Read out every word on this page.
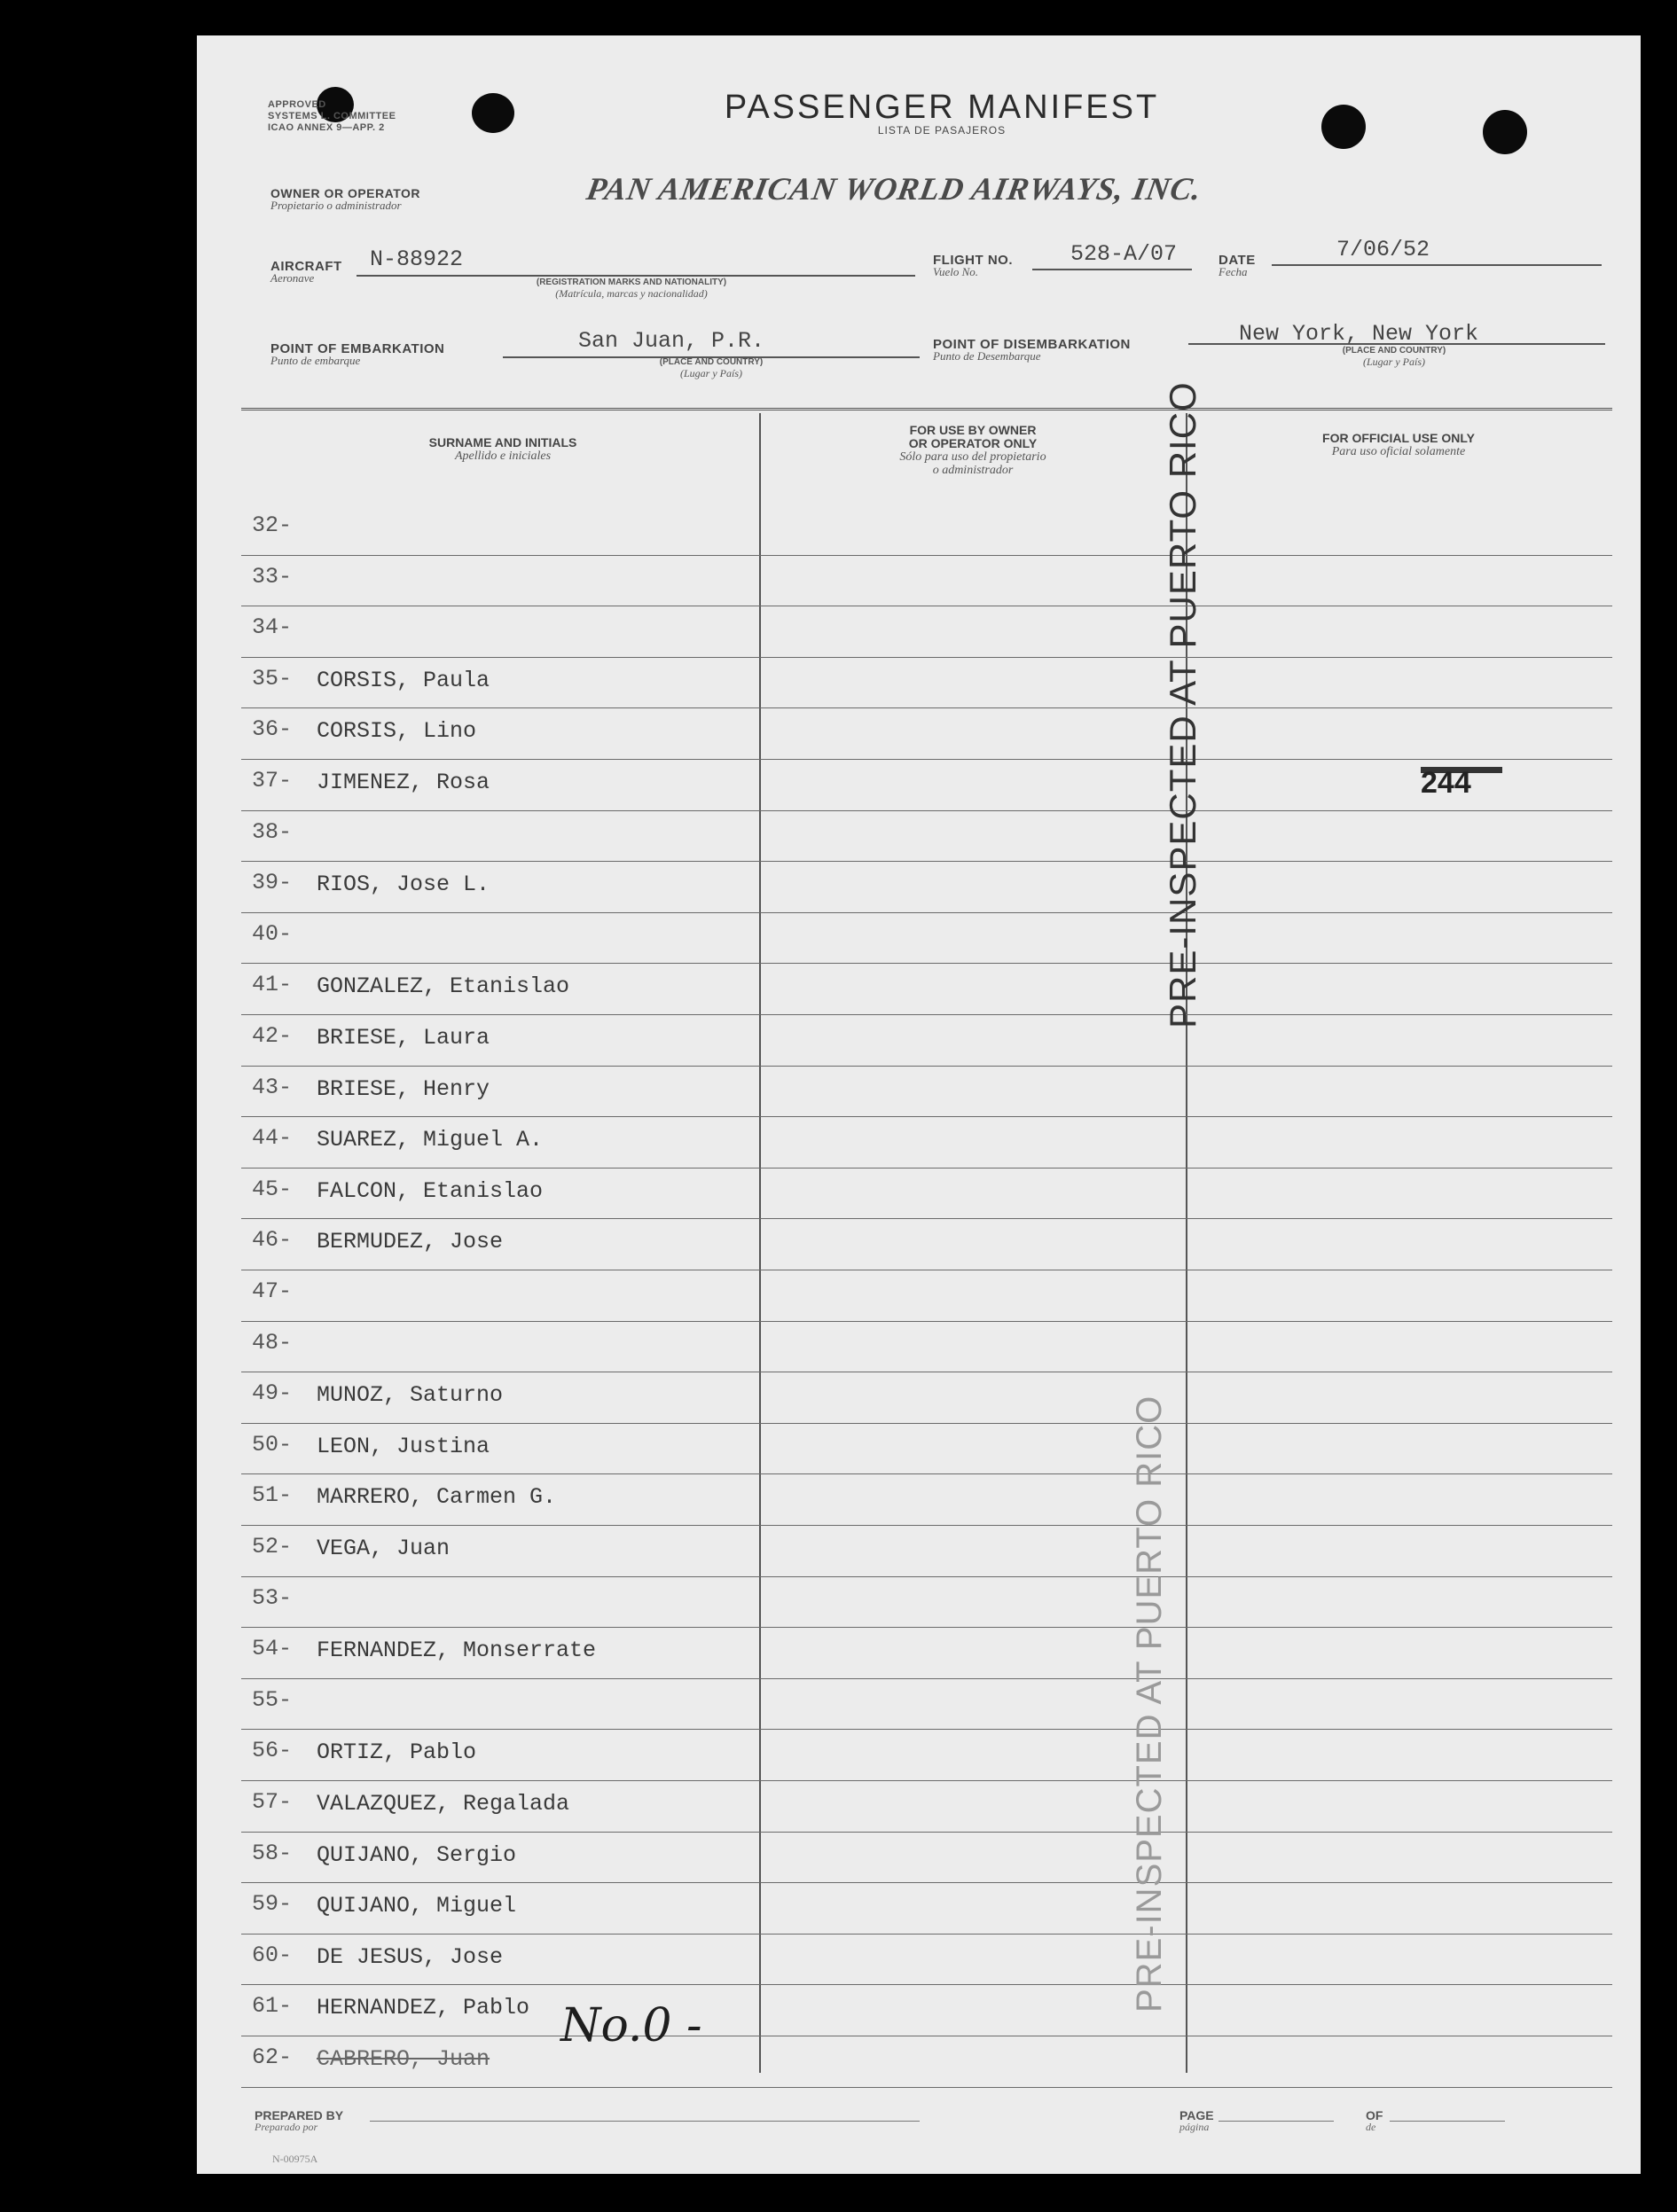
APPROVED
SYSTEMS L. COMMITTEE
ICAO ANNEX 9—APP. 2
PASSENGER MANIFEST
LISTA DE PASAJEROS
OWNER OR OPERATOR
Propietario o administrador	PAN AMERICAN WORLD AIRWAYS, INC.
AIRCRAFT
Aeronave
N-88922
(REGISTRATION MARKS AND NATIONALITY)
(Matrícula, marcas y nacionalidad)
FLIGHT NO.
Vuelo No.
528-A/07	DATE
Fecha
7/06/52
POINT OF EMBARKATION
Punto de embarque
San Juan, P.R.
(PLACE AND COUNTRY)
(Lugar y País)
POINT OF DISEMBARKATION
Punto de Desembarque
New York, New York
(PLACE AND COUNTRY)
(Lugar y País)
SURNAME AND INITIALS
Apellido e iniciales
FOR USE BY OWNER
OR OPERATOR ONLY
Sólo para uso del propietario
o administrador
FOR OFFICIAL USE ONLY
Para uso oficial solamente
32-
33-
34-
35- CORSIS, Paula
36- CORSIS, Lino
37- JIMENEZ, Rosa
38-
39- RIOS, Jose L.
40-
41- GONZALEZ, Etanislao
42- BRIESE, Laura
43- BRIESE, Henry
44- SUAREZ, Miguel A.
45- FALCON, Etanislao
46- BERMUDEZ, Jose
47-
48-
49- MUNOZ, Saturno
50- LEON, Justina
51- MARRERO, Carmen G.
52- VEGA, Juan
53-
54- FERNANDEZ, Monserrate
55-
56- ORTIZ, Pablo
57- VALAZQUEZ, Regalada
58- QUIJANO, Sergio
59- QUIJANO, Miguel
60- DE JESUS, Jose
61- HERNANDEZ, Pablo
62- CABRERO, Juan
No.0 -
244
PRE-INSPECTED AT PUERTO RICO
PRE-INSPECTED AT PUERTO RICO
PREPARED BY
Preparado por
N-00975A
PAGE
página
OF
de
